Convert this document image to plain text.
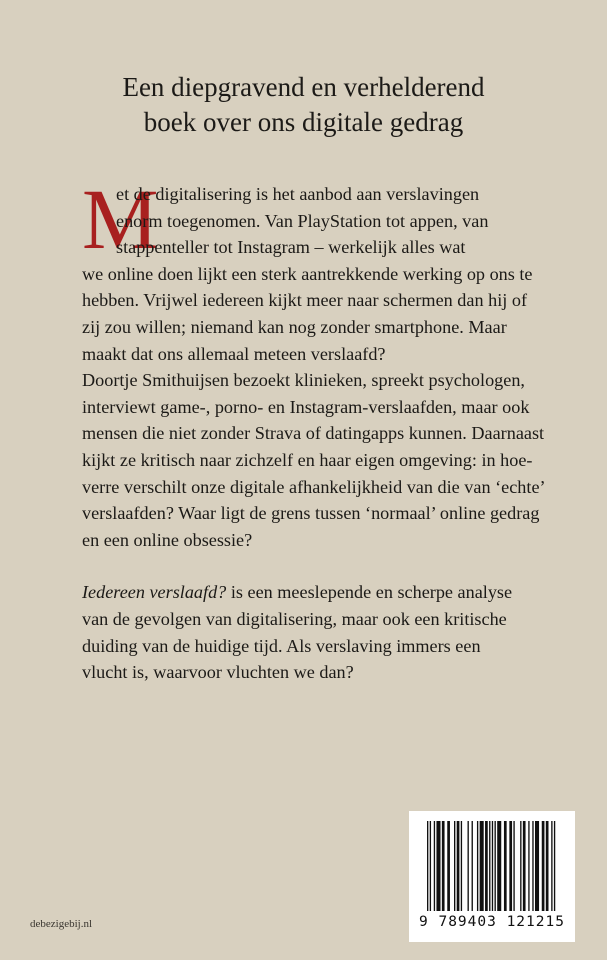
Een diepgravend en verhelderend
boek over ons digitale gedrag
M
et de digitalisering is het aanbod aan verslavingen
enorm toegenomen. Van PlayStation tot appen, van
stappenteller tot Instagram – werkelijk alles wat
we online doen lijkt een sterk aantrekkende werking op ons te
hebben. Vrijwel iedereen kijkt meer naar schermen dan hij of
zij zou willen; niemand kan nog zonder smartphone. Maar
maakt dat ons allemaal meteen verslaafd?
Doortje Smithuijsen bezoekt klinieken, spreekt psychologen,
interviewt game-, porno- en Instagram-verslaafden, maar ook
mensen die niet zonder Strava of datingapps kunnen. Daarnaast
kijkt ze kritisch naar zichzelf en haar eigen omgeving: in hoe-
verre verschilt onze digitale afhankelijkheid van die van ‘echte’
verslaafden? Waar ligt de grens tussen ‘normaal’ online gedrag
en een online obsessie?
Iedereen verslaafd? is een meeslepende en scherpe analyse
van de gevolgen van digitalisering, maar ook een kritische
duiding van de huidige tijd. Als verslaving immers een
vlucht is, waarvoor vluchten we dan?
debezigebij.nl	9 789403 121215
